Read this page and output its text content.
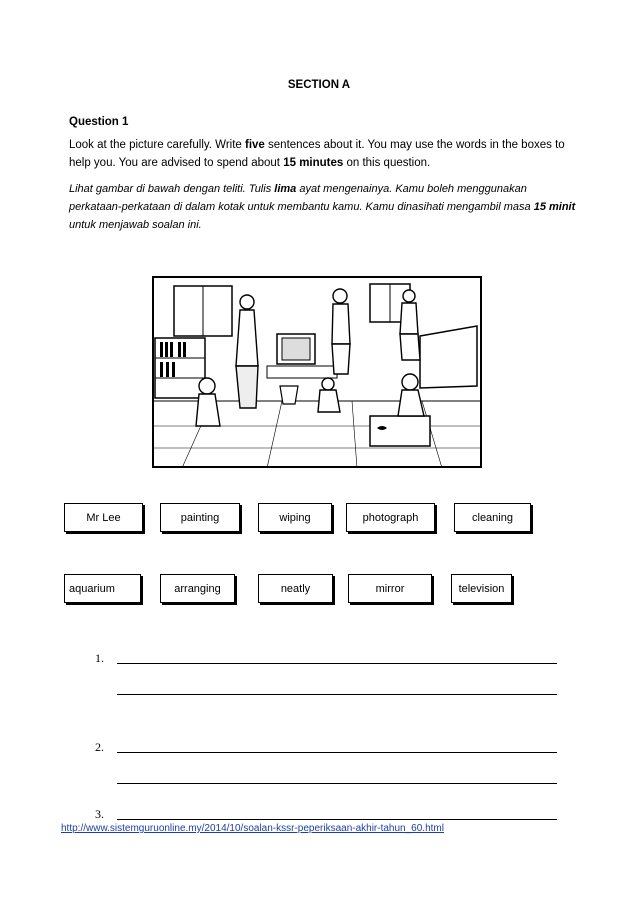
SECTION A
Question 1
Look at the picture carefully. Write five sentences about it. You may use the words in the boxes to help you. You are advised to spend about 15 minutes on this question.
Lihat gambar di bawah dengan teliti. Tulis lima ayat mengenainya. Kamu boleh menggunakan perkataan-perkataan di dalam kotak untuk membantu kamu. Kamu dinasihati mengambil masa 15 minit untuk menjawab soalan ini.
Mr Lee	painting	wiping	photograph	cleaning
aquarium	arranging	neatly	mirror	television
1.
2.
3.
http://www.sistemguruonline.my/2014/10/soalan-kssr-peperiksaan-akhir-tahun_60.html
